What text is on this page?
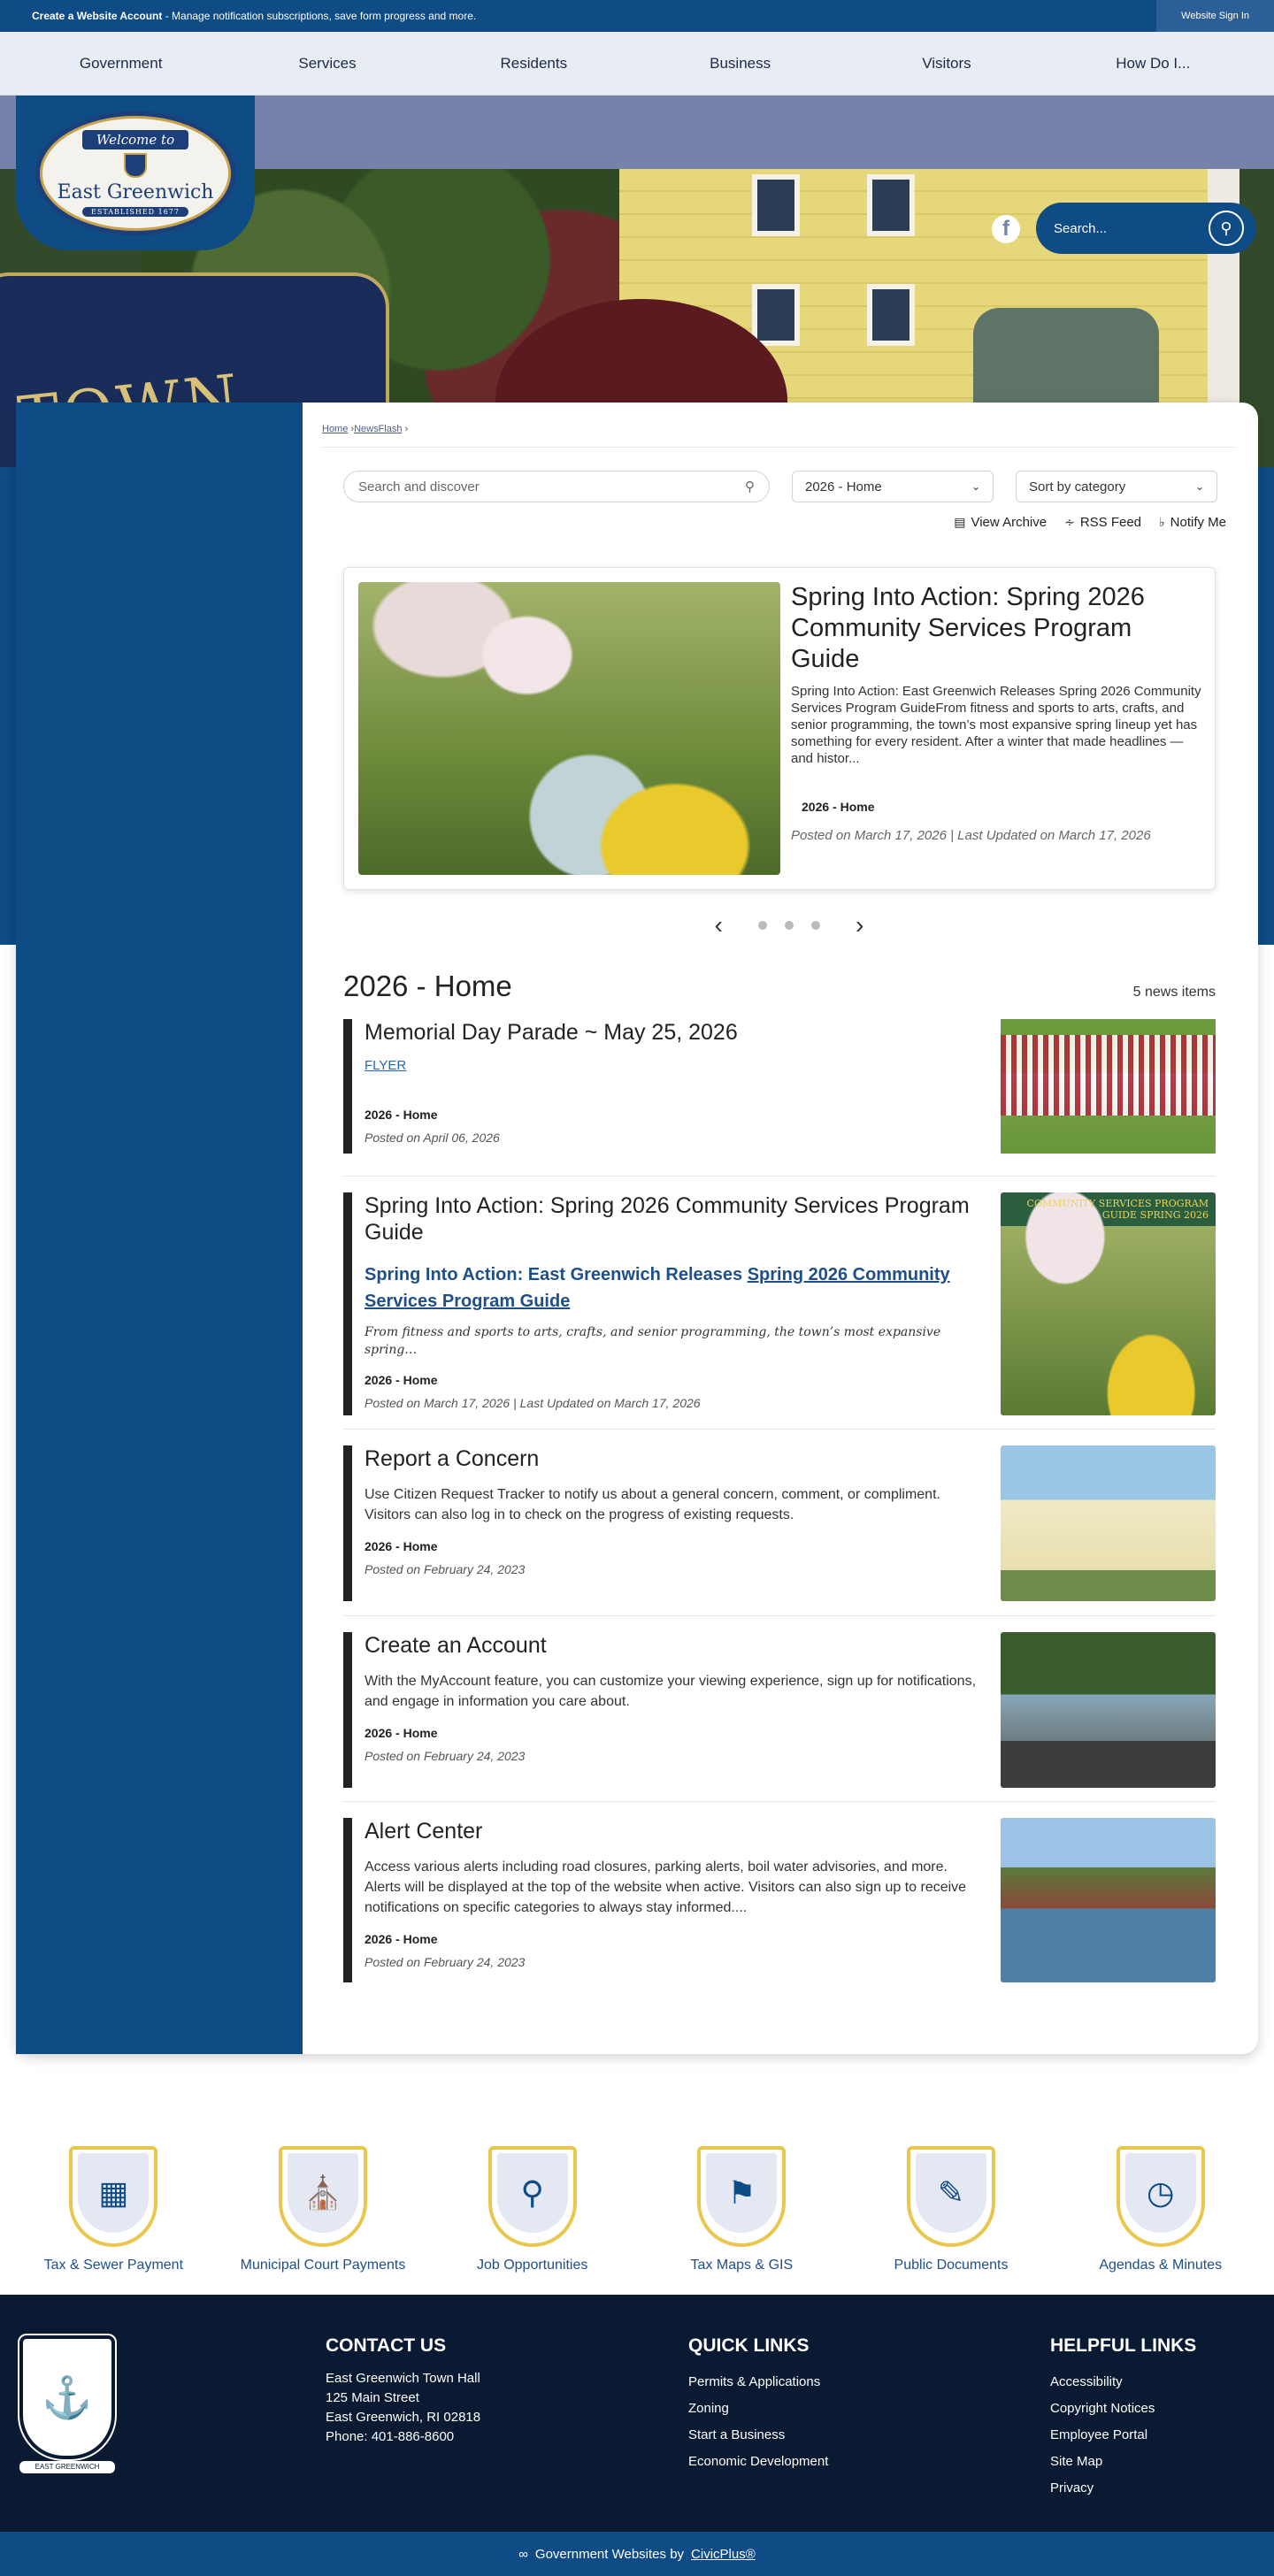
Create a Website Account - Manage notification subscriptions, save form progress and more.	Website Sign In
Government	Services	Residents	Business	Visitors	How Do I...
Welcome to
East Greenwich
ESTABLISHED 1677
f	Search...	⚲
Home ›NewsFlash ›
Search and discover	⚲	2026 - Home	⌄	Sort by category	⌄
▤ View Archive ∻ RSS Feed ♭ Notify Me
Spring Into Action: Spring 2026 Community Services Program Guide
Spring Into Action: East Greenwich Releases Spring 2026 Community Services Program GuideFrom fitness and sports to arts, crafts, and senior programming, the town’s most expansive spring lineup yet has something for every resident. After a winter that made headlines — and histor...
2026 - Home
Posted on March 17, 2026 | Last Updated on March 17, 2026
‹	›
2026 - Home	5 news items
Memorial Day Parade ~ May 25, 2026
FLYER
2026 - Home
Posted on April 06, 2026
Spring Into Action: Spring 2026 Community Services Program Guide
Spring Into Action: East Greenwich Releases Spring 2026 Community Services Program Guide
From fitness and sports to arts, crafts, and senior programming, the town’s most expansive spring…
2026 - Home
Posted on March 17, 2026 | Last Updated on March 17, 2026
COMMUNITY SERVICES PROGRAM GUIDE SPRING 2026
Report a Concern
Use Citizen Request Tracker to notify us about a general concern, comment, or compliment. Visitors can also log in to check on the progress of existing requests.
2026 - Home
Posted on February 24, 2023
Create an Account
With the MyAccount feature, you can customize your viewing experience, sign up for notifications, and engage in information you care about.
2026 - Home
Posted on February 24, 2023
Alert Center
Access various alerts including road closures, parking alerts, boil water advisories, and more. Alerts will be displayed at the top of the website when active. Visitors can also sign up to receive notifications on specific categories to always stay informed....
2026 - Home
Posted on February 24, 2023
▦
Tax & Sewer Payment
⛪
Municipal Court Payments
⚲
Job Opportunities
⚑
Tax Maps & GIS
✎
Public Documents
◷
Agendas & Minutes
⚓
EAST GREENWICH
CONTACT US

East Greenwich Town Hall

125 Main Street

East Greenwich, RI 02818

Phone: 401-886-8600

QUICK LINKS
Permits & Applications
Zoning
Start a Business
Economic Development
HELPFUL LINKS
Accessibility
Copyright Notices
Employee Portal
Site Map
Privacy
∞ Government Websites by CivicPlus®
